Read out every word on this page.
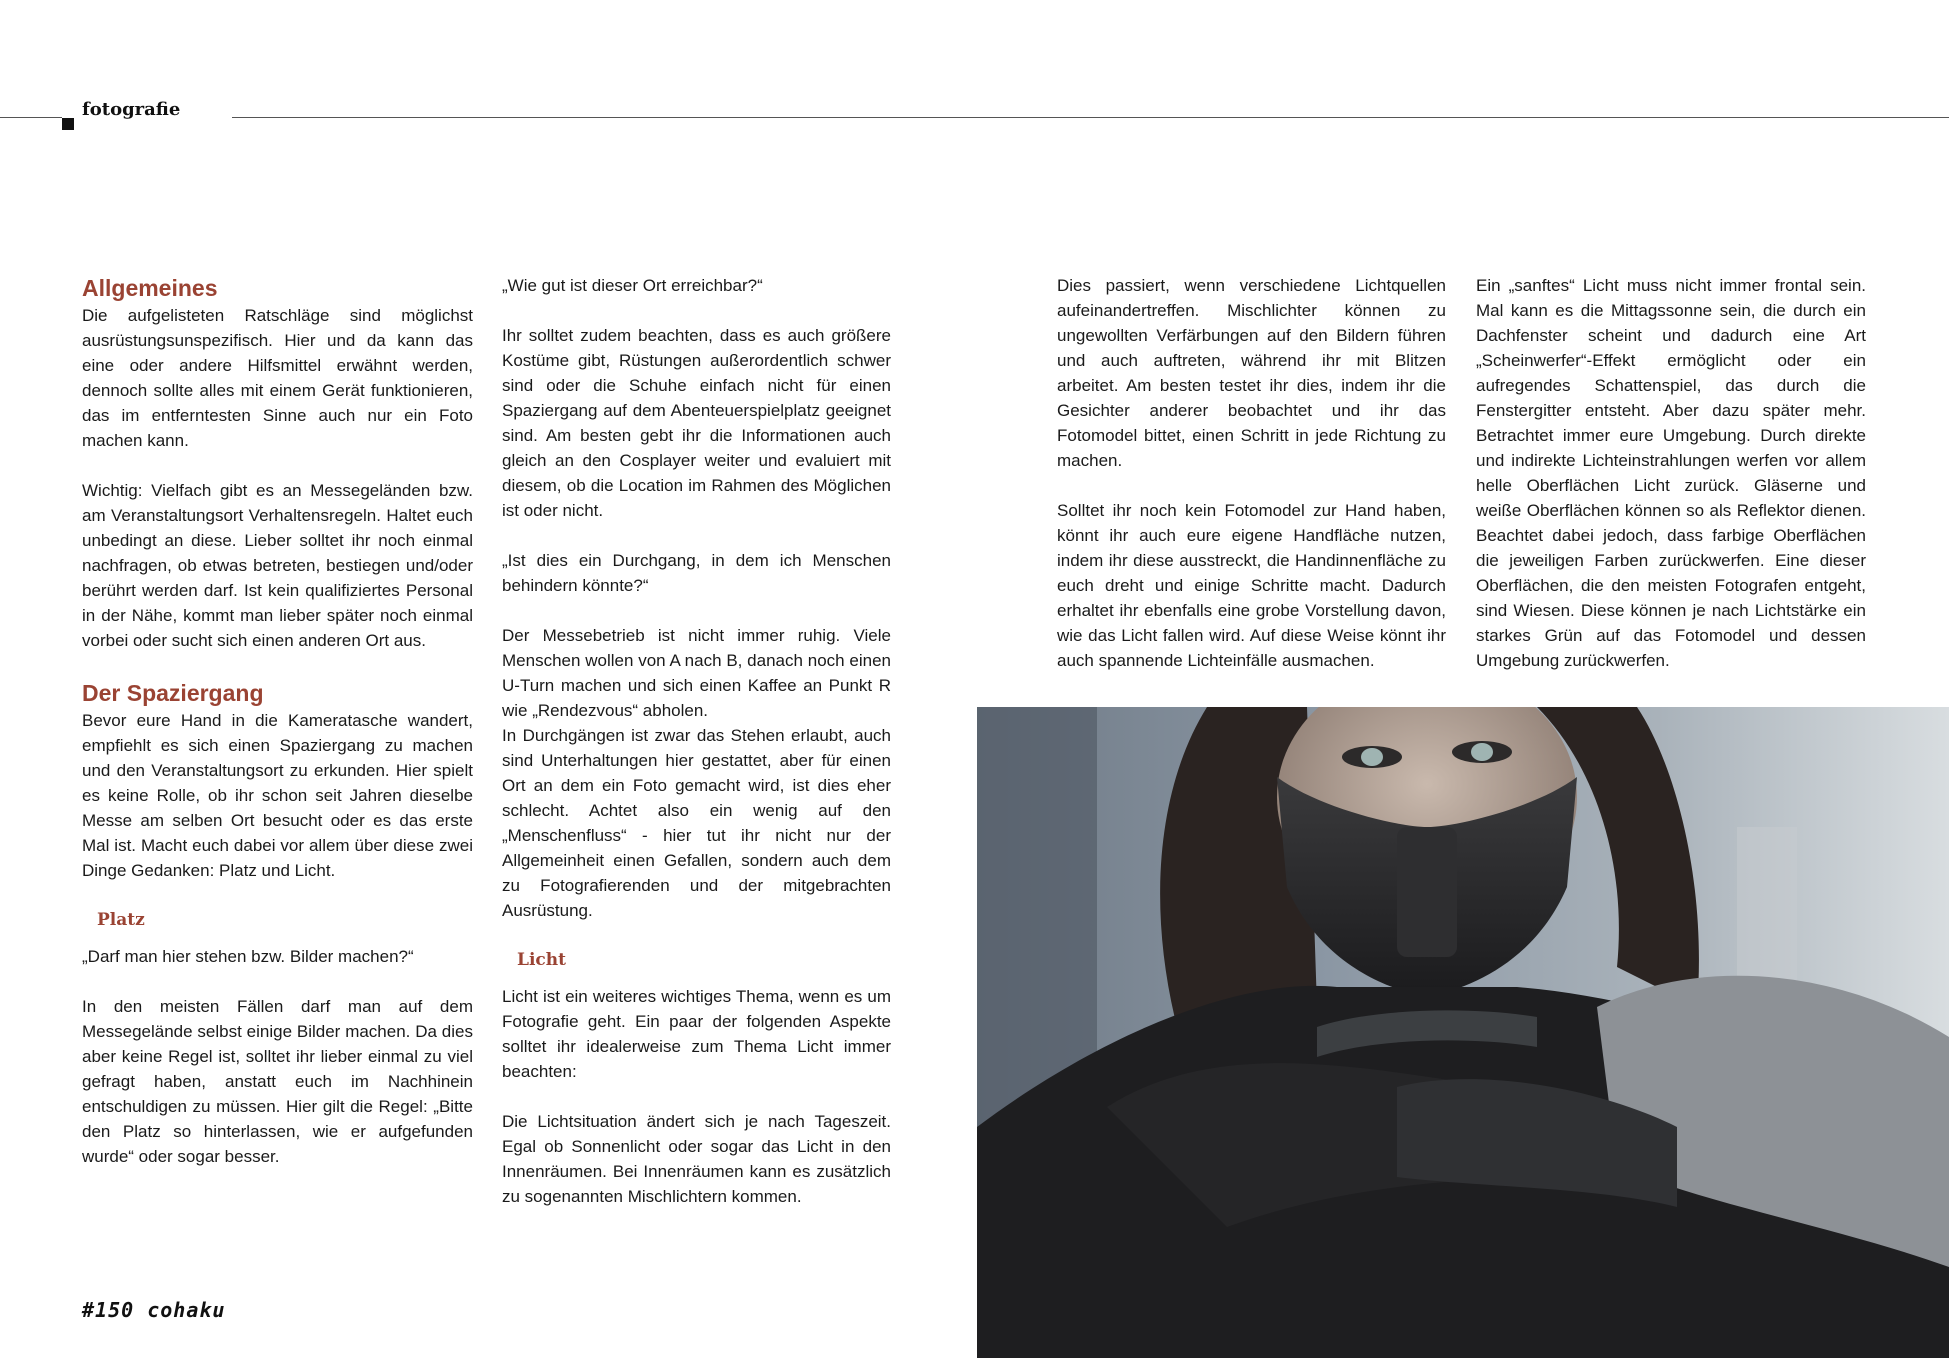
fotografie
Allgemeines

Die aufgelisteten Ratschläge sind möglichst ausrüstungsunspezifisch. Hier und da kann das eine oder andere Hilfsmittel erwähnt werden, dennoch sollte alles mit einem Gerät funktionieren, das im entferntesten Sinne auch nur ein Foto machen kann.

Wichtig: Vielfach gibt es an Messegeländen bzw. am Veranstaltungsort Verhaltensregeln. Haltet euch unbedingt an diese. Lieber solltet ihr noch einmal nachfragen, ob etwas betreten, bestiegen und/oder berührt werden darf. Ist kein qualifiziertes Personal in der Nähe, kommt man lieber später noch einmal vorbei oder sucht sich einen anderen Ort aus.

Der Spaziergang

Bevor eure Hand in die Kameratasche wandert, empfiehlt es sich einen Spaziergang zu machen und den Veranstaltungsort zu erkunden. Hier spielt es keine Rolle, ob ihr schon seit Jahren dieselbe Messe am selben Ort besucht oder es das erste Mal ist. Macht euch dabei vor allem über diese zwei Dinge Gedanken: Platz und Licht.

Platz

„Darf man hier stehen bzw. Bilder machen?“

In den meisten Fällen darf man auf dem Messegelände selbst einige Bilder machen. Da dies aber keine Regel ist, solltet ihr lieber einmal zu viel gefragt haben, anstatt euch im Nachhinein entschuldigen zu müssen. Hier gilt die Regel: „Bitte den Platz so hinterlassen, wie er aufgefunden wurde“ oder sogar besser.

„Wie gut ist dieser Ort erreichbar?“

Ihr solltet zudem beachten, dass es auch größere Kostüme gibt, Rüstungen außerordentlich schwer sind oder die Schuhe einfach nicht für einen Spaziergang auf dem Abenteuerspielplatz geeignet sind. Am besten gebt ihr die Informationen auch gleich an den Cosplayer weiter und evaluiert mit diesem, ob die Location im Rahmen des Möglichen ist oder nicht.

„Ist dies ein Durchgang, in dem ich Menschen behindern könnte?“

Der Messebetrieb ist nicht immer ruhig. Viele Menschen wollen von A nach B, danach noch einen U-Turn machen und sich einen Kaffee an Punkt R wie „Rendezvous“ abholen.

In Durchgängen ist zwar das Stehen erlaubt, auch sind Unterhaltungen hier gestattet, aber für einen Ort an dem ein Foto gemacht wird, ist dies eher schlecht. Achtet also ein wenig auf den „Menschenfluss“ - hier tut ihr nicht nur der Allgemeinheit einen Gefallen, sondern auch dem zu Fotografierenden und der mitgebrachten Ausrüstung.

Licht

Licht ist ein weiteres wichtiges Thema, wenn es um Fotografie geht. Ein paar der folgenden Aspekte solltet ihr idealerweise zum Thema Licht immer beachten:

Die Lichtsituation ändert sich je nach Tageszeit. Egal ob Sonnenlicht oder sogar das Licht in den Innenräumen. Bei Innenräumen kann es zusätzlich zu sogenannten Mischlichtern kommen.

Dies passiert, wenn verschiedene Lichtquellen aufeinandertreffen. Mischlichter können zu ungewollten Verfärbungen auf den Bildern führen und auch auftreten, während ihr mit Blitzen arbeitet. Am besten testet ihr dies, indem ihr die Gesichter anderer beobachtet und ihr das Fotomodel bittet, einen Schritt in jede Richtung zu machen.

Solltet ihr noch kein Fotomodel zur Hand haben, könnt ihr auch eure eigene Handfläche nutzen, indem ihr diese ausstreckt, die Handinnenfläche zu euch dreht und einige Schritte macht. Dadurch erhaltet ihr ebenfalls eine grobe Vorstellung davon, wie das Licht fallen wird. Auf diese Weise könnt ihr auch spannende Lichteinfälle ausmachen.

Ein „sanftes“ Licht muss nicht immer frontal sein. Mal kann es die Mittagssonne sein, die durch ein Dachfenster scheint und dadurch eine Art „Scheinwerfer“-Effekt ermöglicht oder ein aufregendes Schattenspiel, das durch die Fenstergitter entsteht. Aber dazu später mehr. Betrachtet immer eure Umgebung. Durch direkte und indirekte Lichteinstrahlungen werfen vor allem helle Oberflächen Licht zurück. Gläserne und weiße Oberflächen können so als Reflektor dienen. Beachtet dabei jedoch, dass farbige Oberflächen die jeweiligen Farben zurückwerfen. Eine dieser Oberflächen, die den meisten Fotografen entgeht, sind Wiesen. Diese können je nach Lichtstärke ein starkes Grün auf das Fotomodel und dessen Umgebung zurückwerfen.

#150 cohaku
